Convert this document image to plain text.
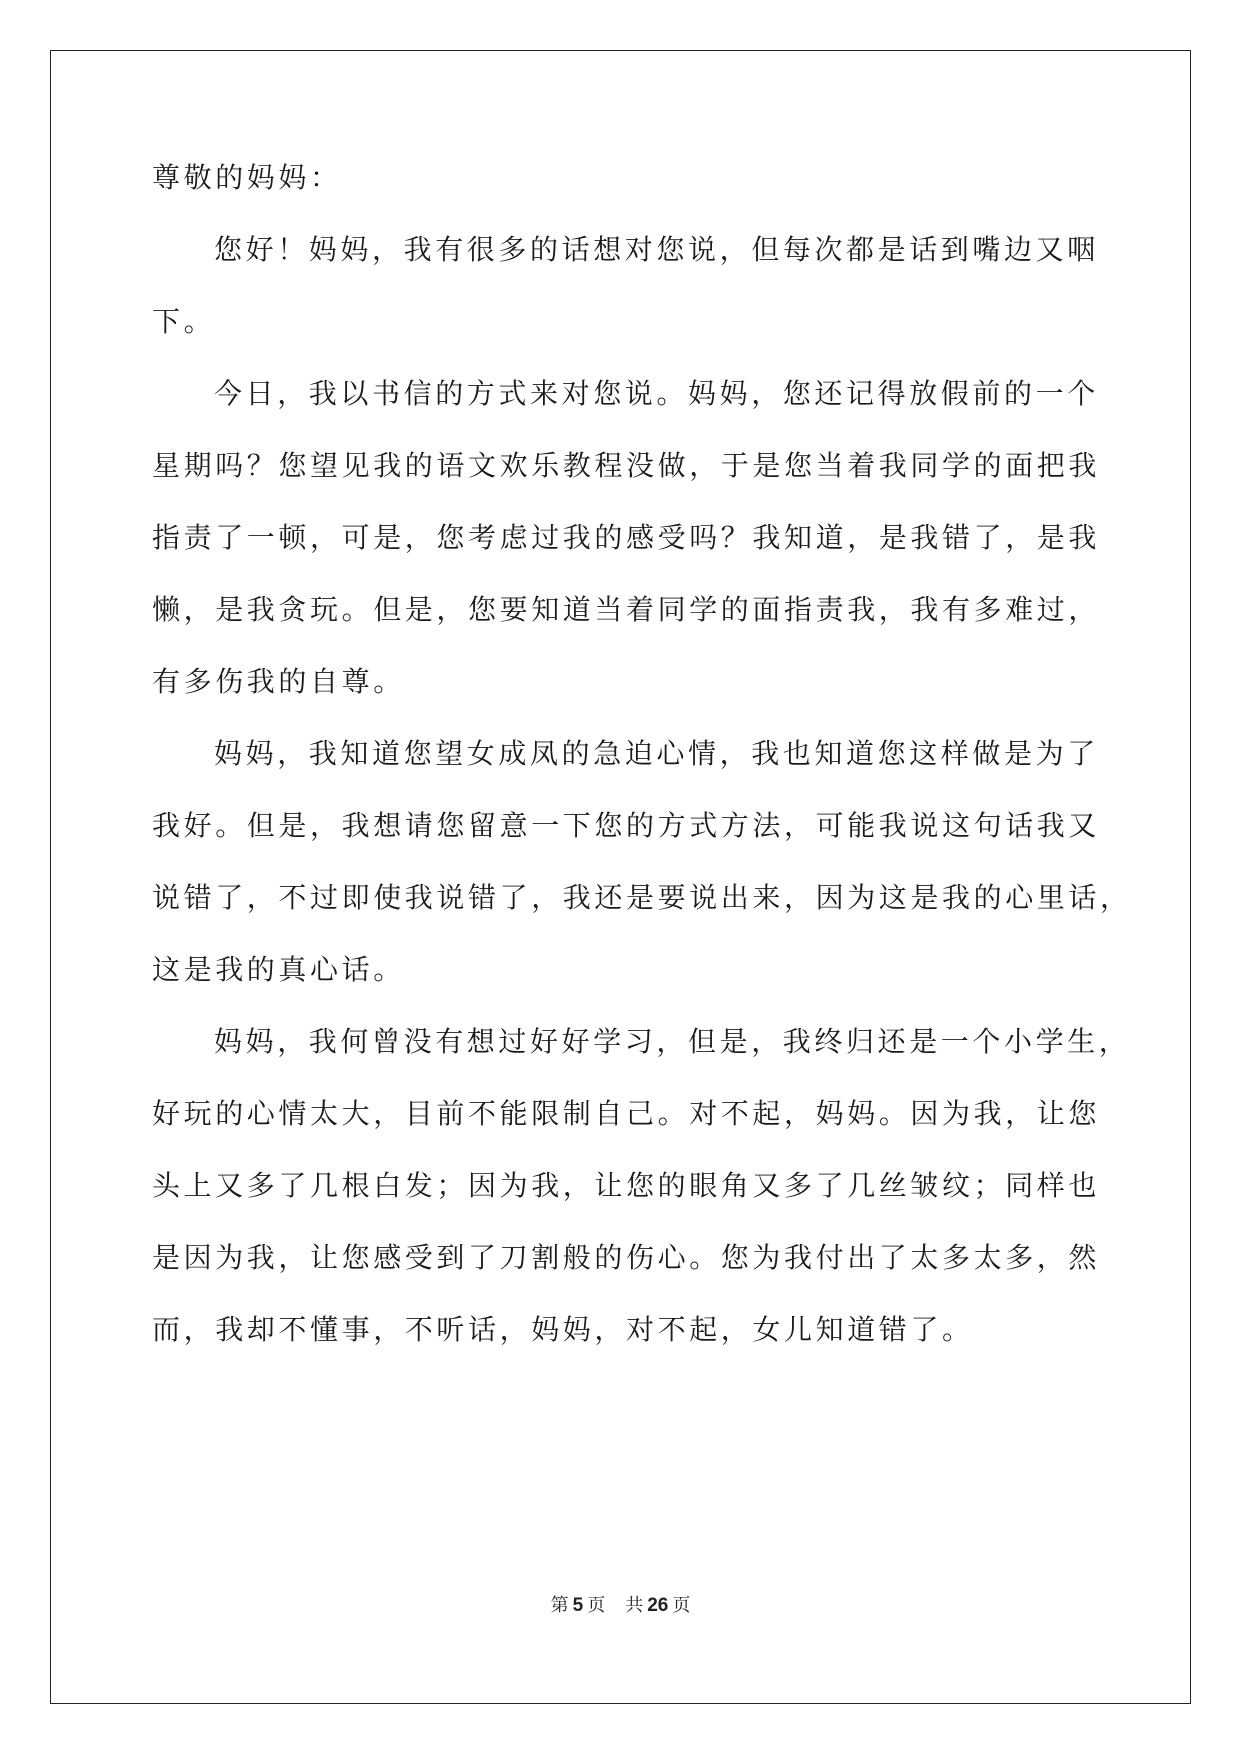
尊敬的妈妈：
您好！妈妈，我有很多的话想对您说，但每次都是话到嘴边又咽
下。
今日，我以书信的方式来对您说。妈妈，您还记得放假前的一个
星期吗？您望见我的语文欢乐教程没做，于是您当着我同学的面把我
指责了一顿，可是，您考虑过我的感受吗？我知道，是我错了，是我
懒，是我贪玩。但是，您要知道当着同学的面指责我，我有多难过，
有多伤我的自尊。
妈妈，我知道您望女成凤的急迫心情，我也知道您这样做是为了
我好。但是，我想请您留意一下您的方式方法，可能我说这句话我又
说错了，不过即使我说错了，我还是要说出来，因为这是我的心里话，
这是我的真心话。
妈妈，我何曾没有想过好好学习，但是，我终归还是一个小学生，
好玩的心情太大，目前不能限制自己。对不起，妈妈。因为我，让您
头上又多了几根白发；因为我，让您的眼角又多了几丝皱纹；同样也
是因为我，让您感受到了刀割般的伤心。您为我付出了太多太多，然
而，我却不懂事，不听话，妈妈，对不起，女儿知道错了。
第 5 页 共 26 页
